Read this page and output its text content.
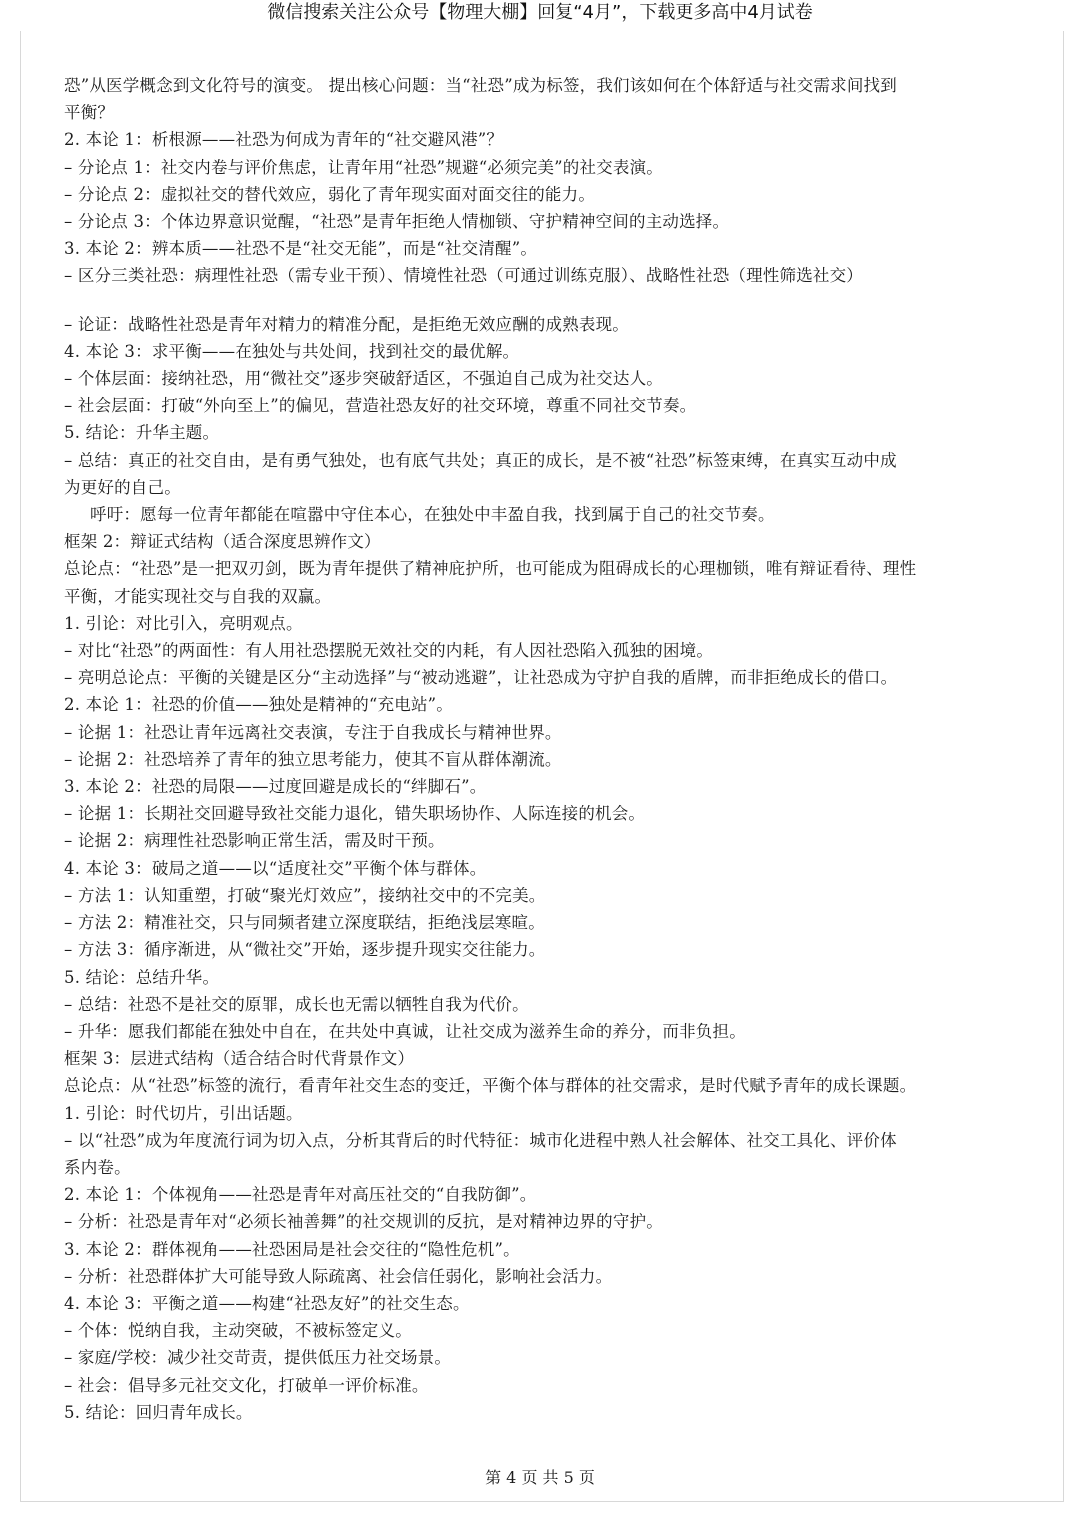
微信搜索关注公众号【物理大棚】回复“4月”，下载更多高中4月试卷
恐”从医学概念到文化符号的演变。 提出核心问题：当“社恐”成为标签，我们该如何在个体舒适与社交需求间找到
平衡？
2. 本论 1：析根源——社恐为何成为青年的“社交避风港”？
– 分论点 1：社交内卷与评价焦虑，让青年用“社恐”规避“必须完美”的社交表演。
– 分论点 2：虚拟社交的替代效应，弱化了青年现实面对面交往的能力。
– 分论点 3：个体边界意识觉醒，“社恐”是青年拒绝人情枷锁、守护精神空间的主动选择。
3. 本论 2：辨本质——社恐不是“社交无能”，而是“社交清醒”。
– 区分三类社恐：病理性社恐（需专业干预）、情境性社恐（可通过训练克服）、战略性社恐（理性筛选社交）
– 论证：战略性社恐是青年对精力的精准分配，是拒绝无效应酬的成熟表现。
4. 本论 3：求平衡——在独处与共处间，找到社交的最优解。
– 个体层面：接纳社恐，用“微社交”逐步突破舒适区，不强迫自己成为社交达人。
– 社会层面：打破“外向至上”的偏见，营造社恐友好的社交环境，尊重不同社交节奏。
5. 结论：升华主题。
– 总结：真正的社交自由，是有勇气独处，也有底气共处；真正的成长，是不被“社恐”标签束缚，在真实互动中成
为更好的自己。
呼吁：愿每一位青年都能在喧嚣中守住本心，在独处中丰盈自我，找到属于自己的社交节奏。
框架 2：辩证式结构（适合深度思辨作文）
总论点：“社恐”是一把双刃剑，既为青年提供了精神庇护所，也可能成为阻碍成长的心理枷锁，唯有辩证看待、理性
平衡，才能实现社交与自我的双赢。
1. 引论：对比引入，亮明观点。
– 对比“社恐”的两面性：有人用社恐摆脱无效社交的内耗，有人因社恐陷入孤独的困境。
– 亮明总论点：平衡的关键是区分“主动选择”与“被动逃避”，让社恐成为守护自我的盾牌，而非拒绝成长的借口。
2. 本论 1：社恐的价值——独处是精神的“充电站”。
– 论据 1：社恐让青年远离社交表演，专注于自我成长与精神世界。
– 论据 2：社恐培养了青年的独立思考能力，使其不盲从群体潮流。
3. 本论 2：社恐的局限——过度回避是成长的“绊脚石”。
– 论据 1：长期社交回避导致社交能力退化，错失职场协作、人际连接的机会。
– 论据 2：病理性社恐影响正常生活，需及时干预。
4. 本论 3：破局之道——以“适度社交”平衡个体与群体。
– 方法 1：认知重塑，打破“聚光灯效应”，接纳社交中的不完美。
– 方法 2：精准社交，只与同频者建立深度联结，拒绝浅层寒暄。
– 方法 3：循序渐进，从“微社交”开始，逐步提升现实交往能力。
5. 结论：总结升华。
– 总结：社恐不是社交的原罪，成长也无需以牺牲自我为代价。
– 升华：愿我们都能在独处中自在，在共处中真诚，让社交成为滋养生命的养分，而非负担。
框架 3：层进式结构（适合结合时代背景作文）
总论点：从“社恐”标签的流行，看青年社交生态的变迁，平衡个体与群体的社交需求，是时代赋予青年的成长课题。
1. 引论：时代切片，引出话题。
– 以“社恐”成为年度流行词为切入点，分析其背后的时代特征：城市化进程中熟人社会解体、社交工具化、评价体
系内卷。
2. 本论 1：个体视角——社恐是青年对高压社交的“自我防御”。
– 分析：社恐是青年对“必须长袖善舞”的社交规训的反抗，是对精神边界的守护。
3. 本论 2：群体视角——社恐困局是社会交往的“隐性危机”。
– 分析：社恐群体扩大可能导致人际疏离、社会信任弱化，影响社会活力。
4. 本论 3：平衡之道——构建“社恐友好”的社交生态。
– 个体：悦纳自我，主动突破，不被标签定义。
– 家庭/学校：减少社交苛责，提供低压力社交场景。
– 社会：倡导多元社交文化，打破单一评价标准。
5. 结论：回归青年成长。
第 4 页 共 5 页
